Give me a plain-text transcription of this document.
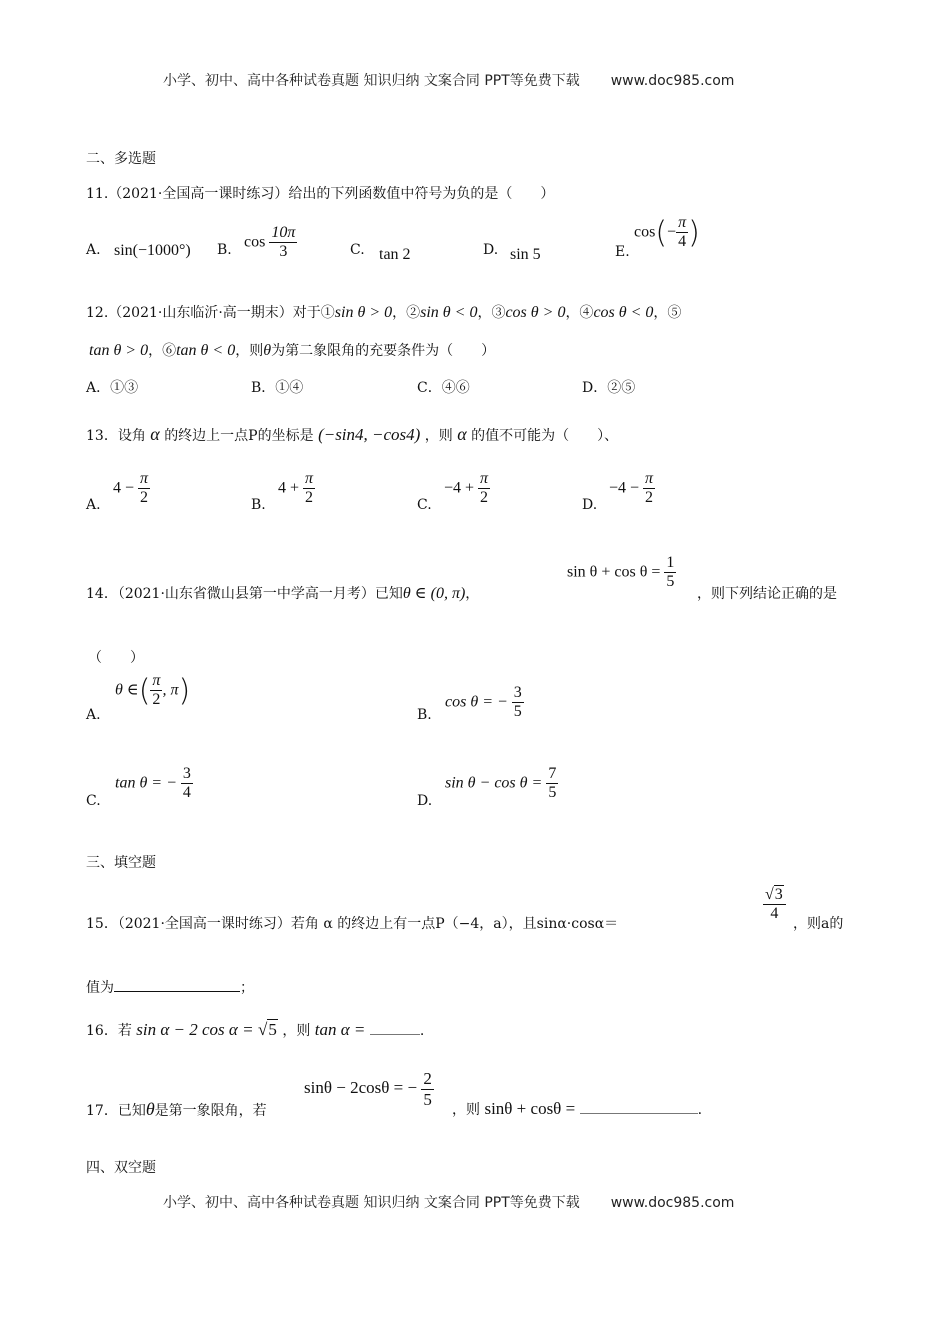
小学、初中、高中各种试卷真题 知识归纳 文案合同 PPT等免费下载 www.doc985.com
二、多选题
11.（2021·全国高一课时练习）给出的下列函数值中符号为负的是（　　）
A. sin(−1000°) B. $\cos \frac{10\pi}{3}$	C. tan 2	D. sin 5	E.
$\cos(- \frac{\pi}{4}$ )
12.（2021·山东临沂·高一期末）对于①sin θ > 0，②sin θ < 0，③cos θ > 0，④cos θ < 0，⑤
tan θ > 0，⑥tan θ < 0，则θ为第二象限角的充要条件为（　　）
A．①③	B．①④	C．④⑥	D．②⑤
13．设角 α 的终边上一点P的坐标是 (−sin4, −cos4) ，则 α 的值不可能为（　　）、
A.
$4 - \frac{\pi}{2}$	B.
$4 + \frac{\pi}{2}$	C.
$-4 + \frac{\pi}{2}$	D.
$-4 - \frac{\pi}{2}$
14．（2021·山东省微山县第一中学高一月考）已知θ ∈ (0, π)，
$\sin \theta + \cos \theta = \frac{1}{5}$
，则下列结论正确的是
（　　）
A.
θ ∈( $\frac{\pi}{2}$ , π)
B.
cos θ = − $\frac{3}{5}$
C.
tan θ = − $\frac{3}{4}$	D.
$\sin \theta - \cos \theta = \frac{7}{5}$
三、填空题
15．（2021·全国高一课时练习）若角 α 的终边上有一点P（−4，a），且sinα·cosα＝
$\frac{√3}{4}$
，则a的
值为	；
16．若 sin α − 2 cos α = √5 ，则 tan α =	.
17．已知θ是第一象限角，若
sinθ − 2cosθ = − $\frac{2}{5}$
，则 sinθ + cosθ =	.
四、双空题
小学、初中、高中各种试卷真题 知识归纳 文案合同 PPT等免费下载 www.doc985.com
